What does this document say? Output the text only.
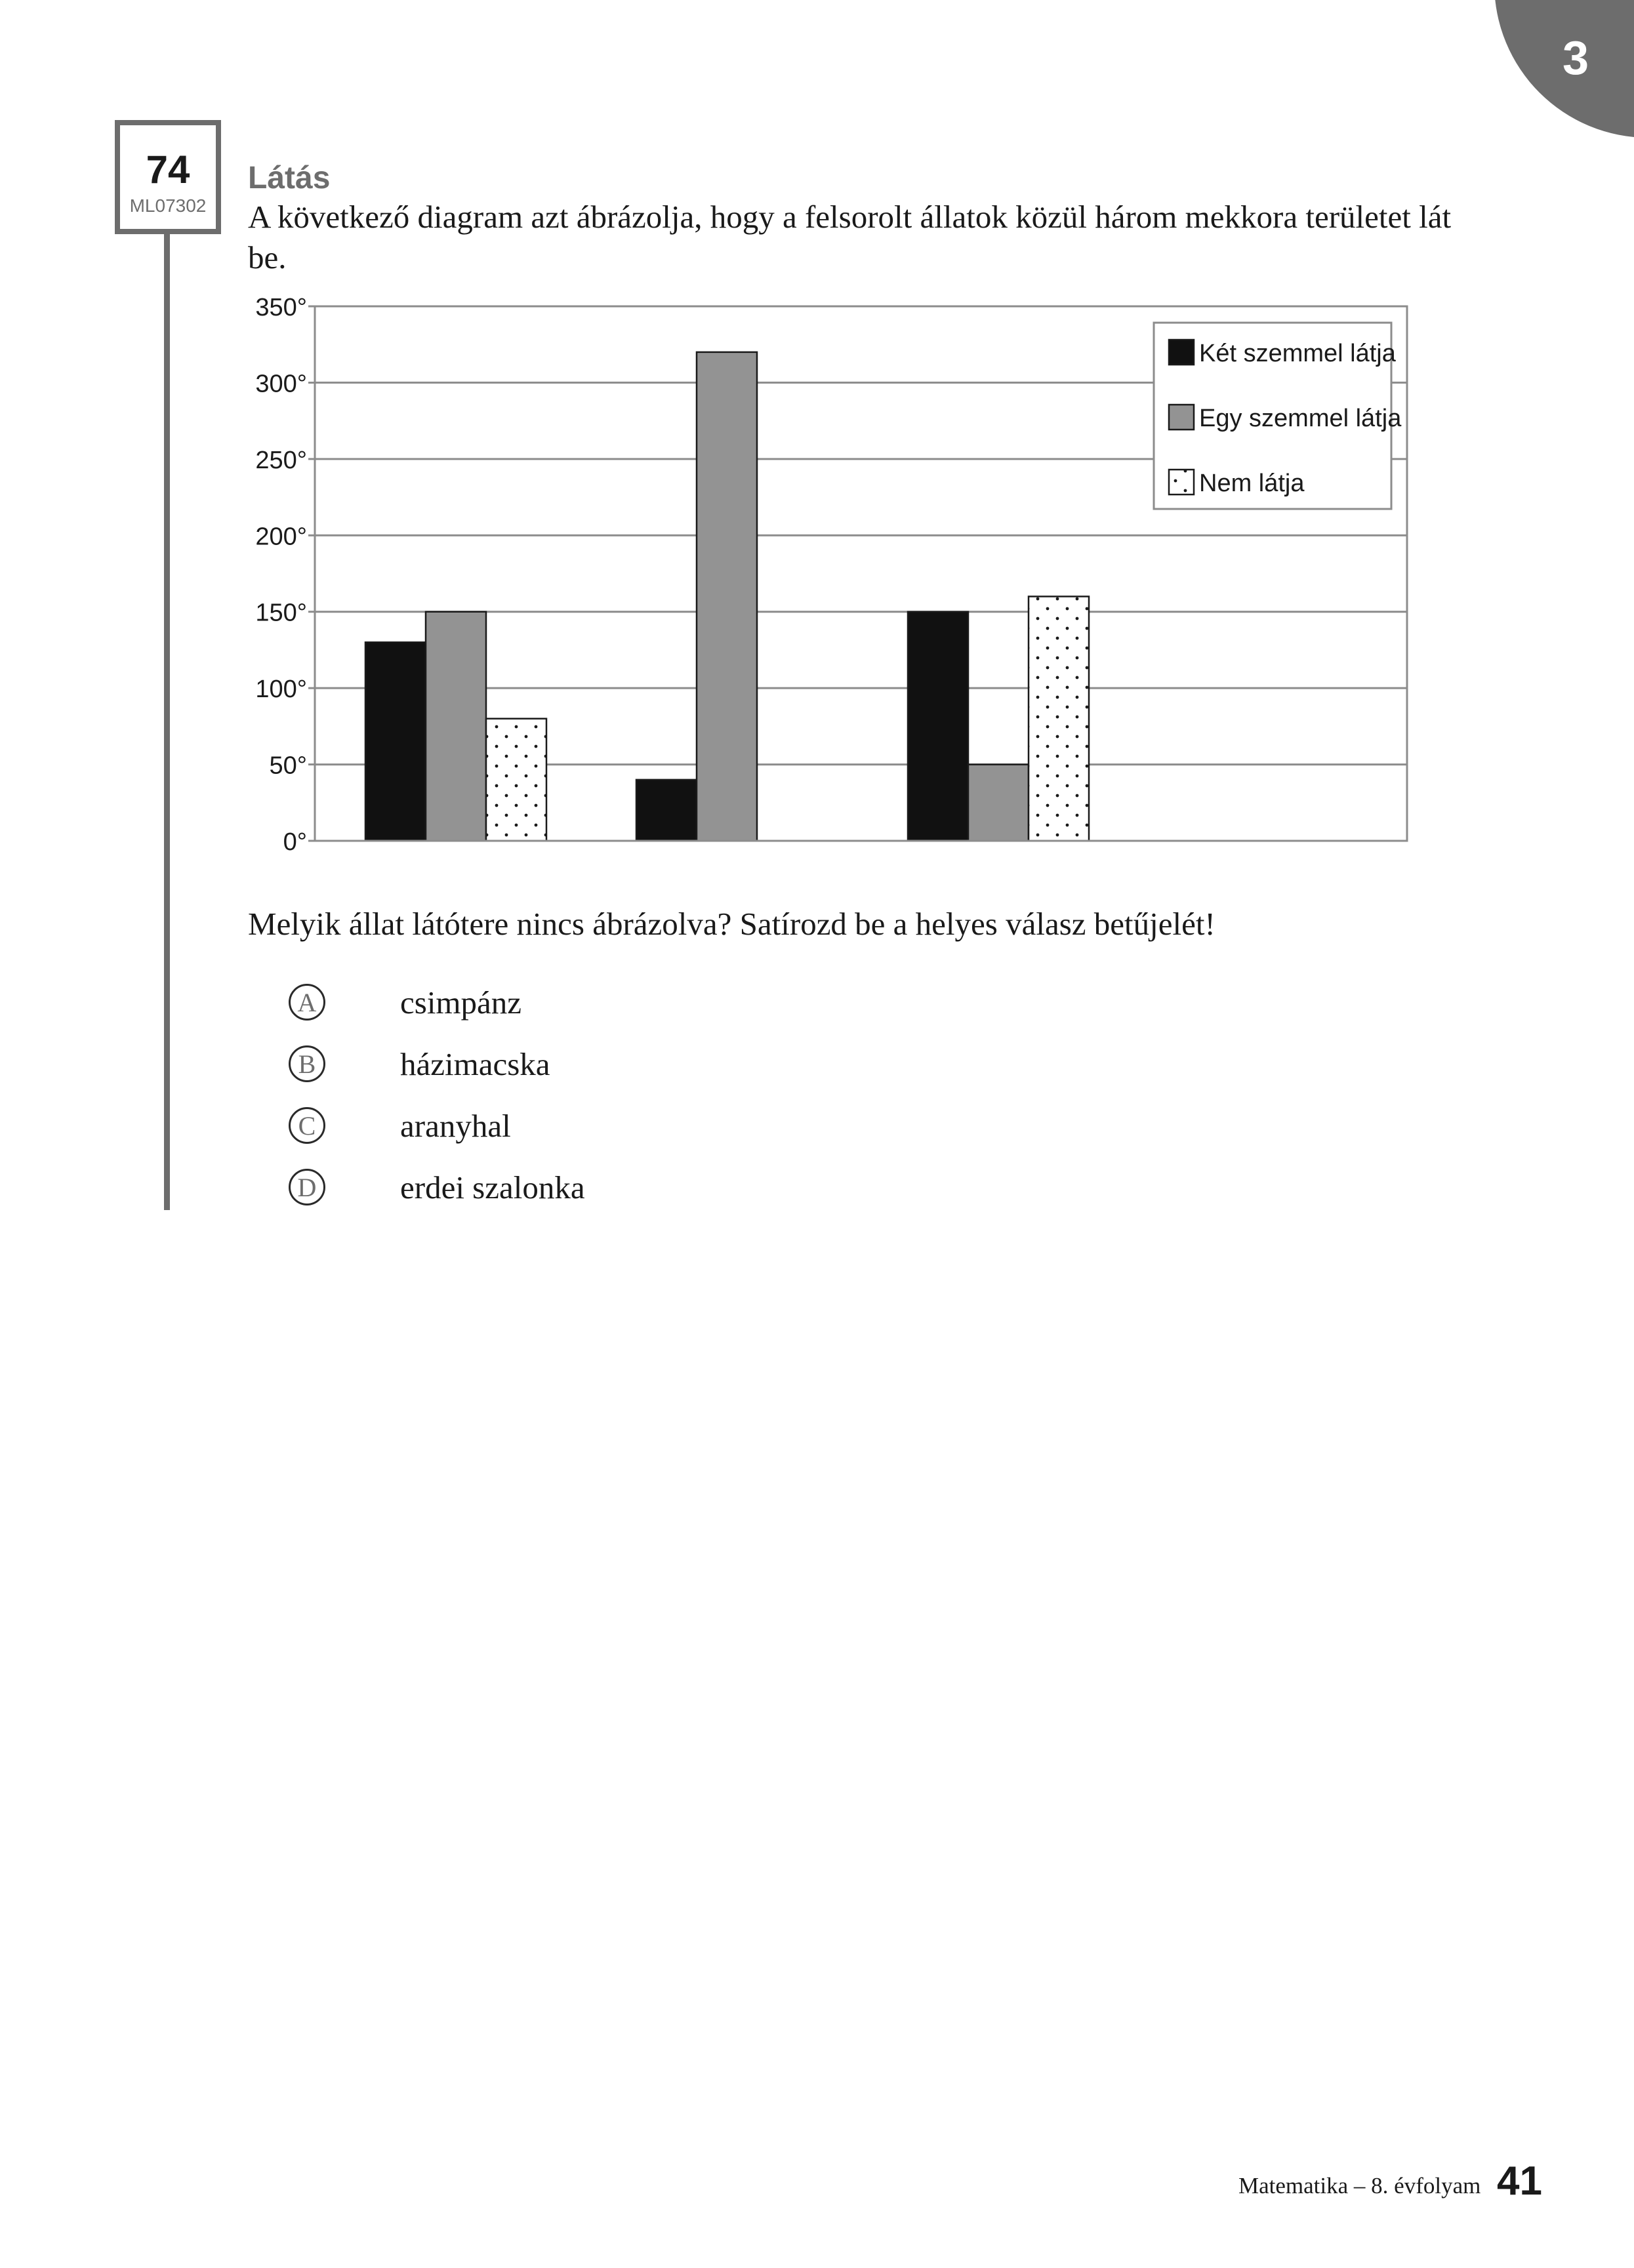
3
74
ML07302
Látás
A következő diagram azt ábrázolja, hogy a felsorolt állatok közül három mekkora területet lát be.
0°
50°
100°
150°
200°
250°
300°
350°
Két szemmel látja
Egy szemmel látja
Nem látja
Melyik állat látótere nincs ábrázolva? Satírozd be a helyes válasz betűjelét!
A	csimpánz
B	házimacska
C	aranyhal
D	erdei szalonka
Matematika – 8. évfolyam 41
